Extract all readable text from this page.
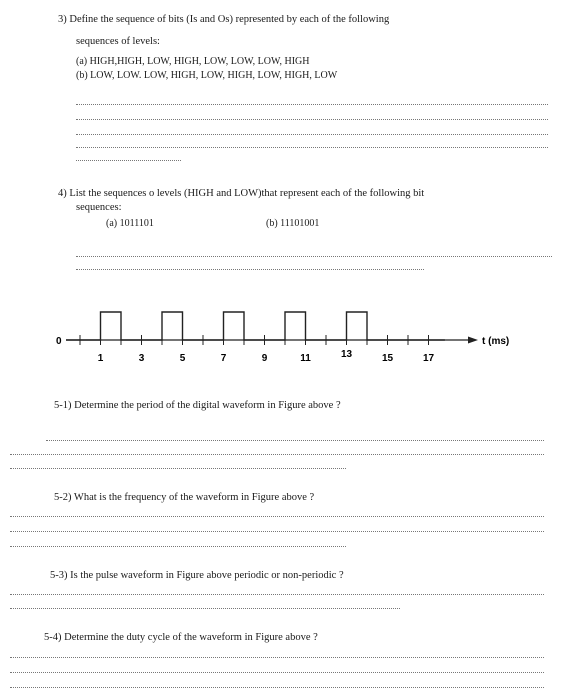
3) Define the sequence of bits (Is and Os) represented by each of the following
sequences of levels:
(a) HIGH,HIGH, LOW, HIGH, LOW, LOW, LOW, HIGH
(b) LOW, LOW. LOW, HIGH, LOW, HIGH, LOW, HIGH, LOW
4) List the sequences o levels (HIGH and LOW)that represent each of the following bit
sequences:
(a) 1011101	(b) 11101001
0	t (ms)
1	3	5	7	9	11	13	15	17
5-1) Determine the period of the digital waveform in Figure above ?
5-2) What is the frequency of the waveform in Figure above ?
5-3) Is the pulse waveform in Figure above periodic or non-periodic ?
5-4) Determine the duty cycle of the waveform in Figure above ?
